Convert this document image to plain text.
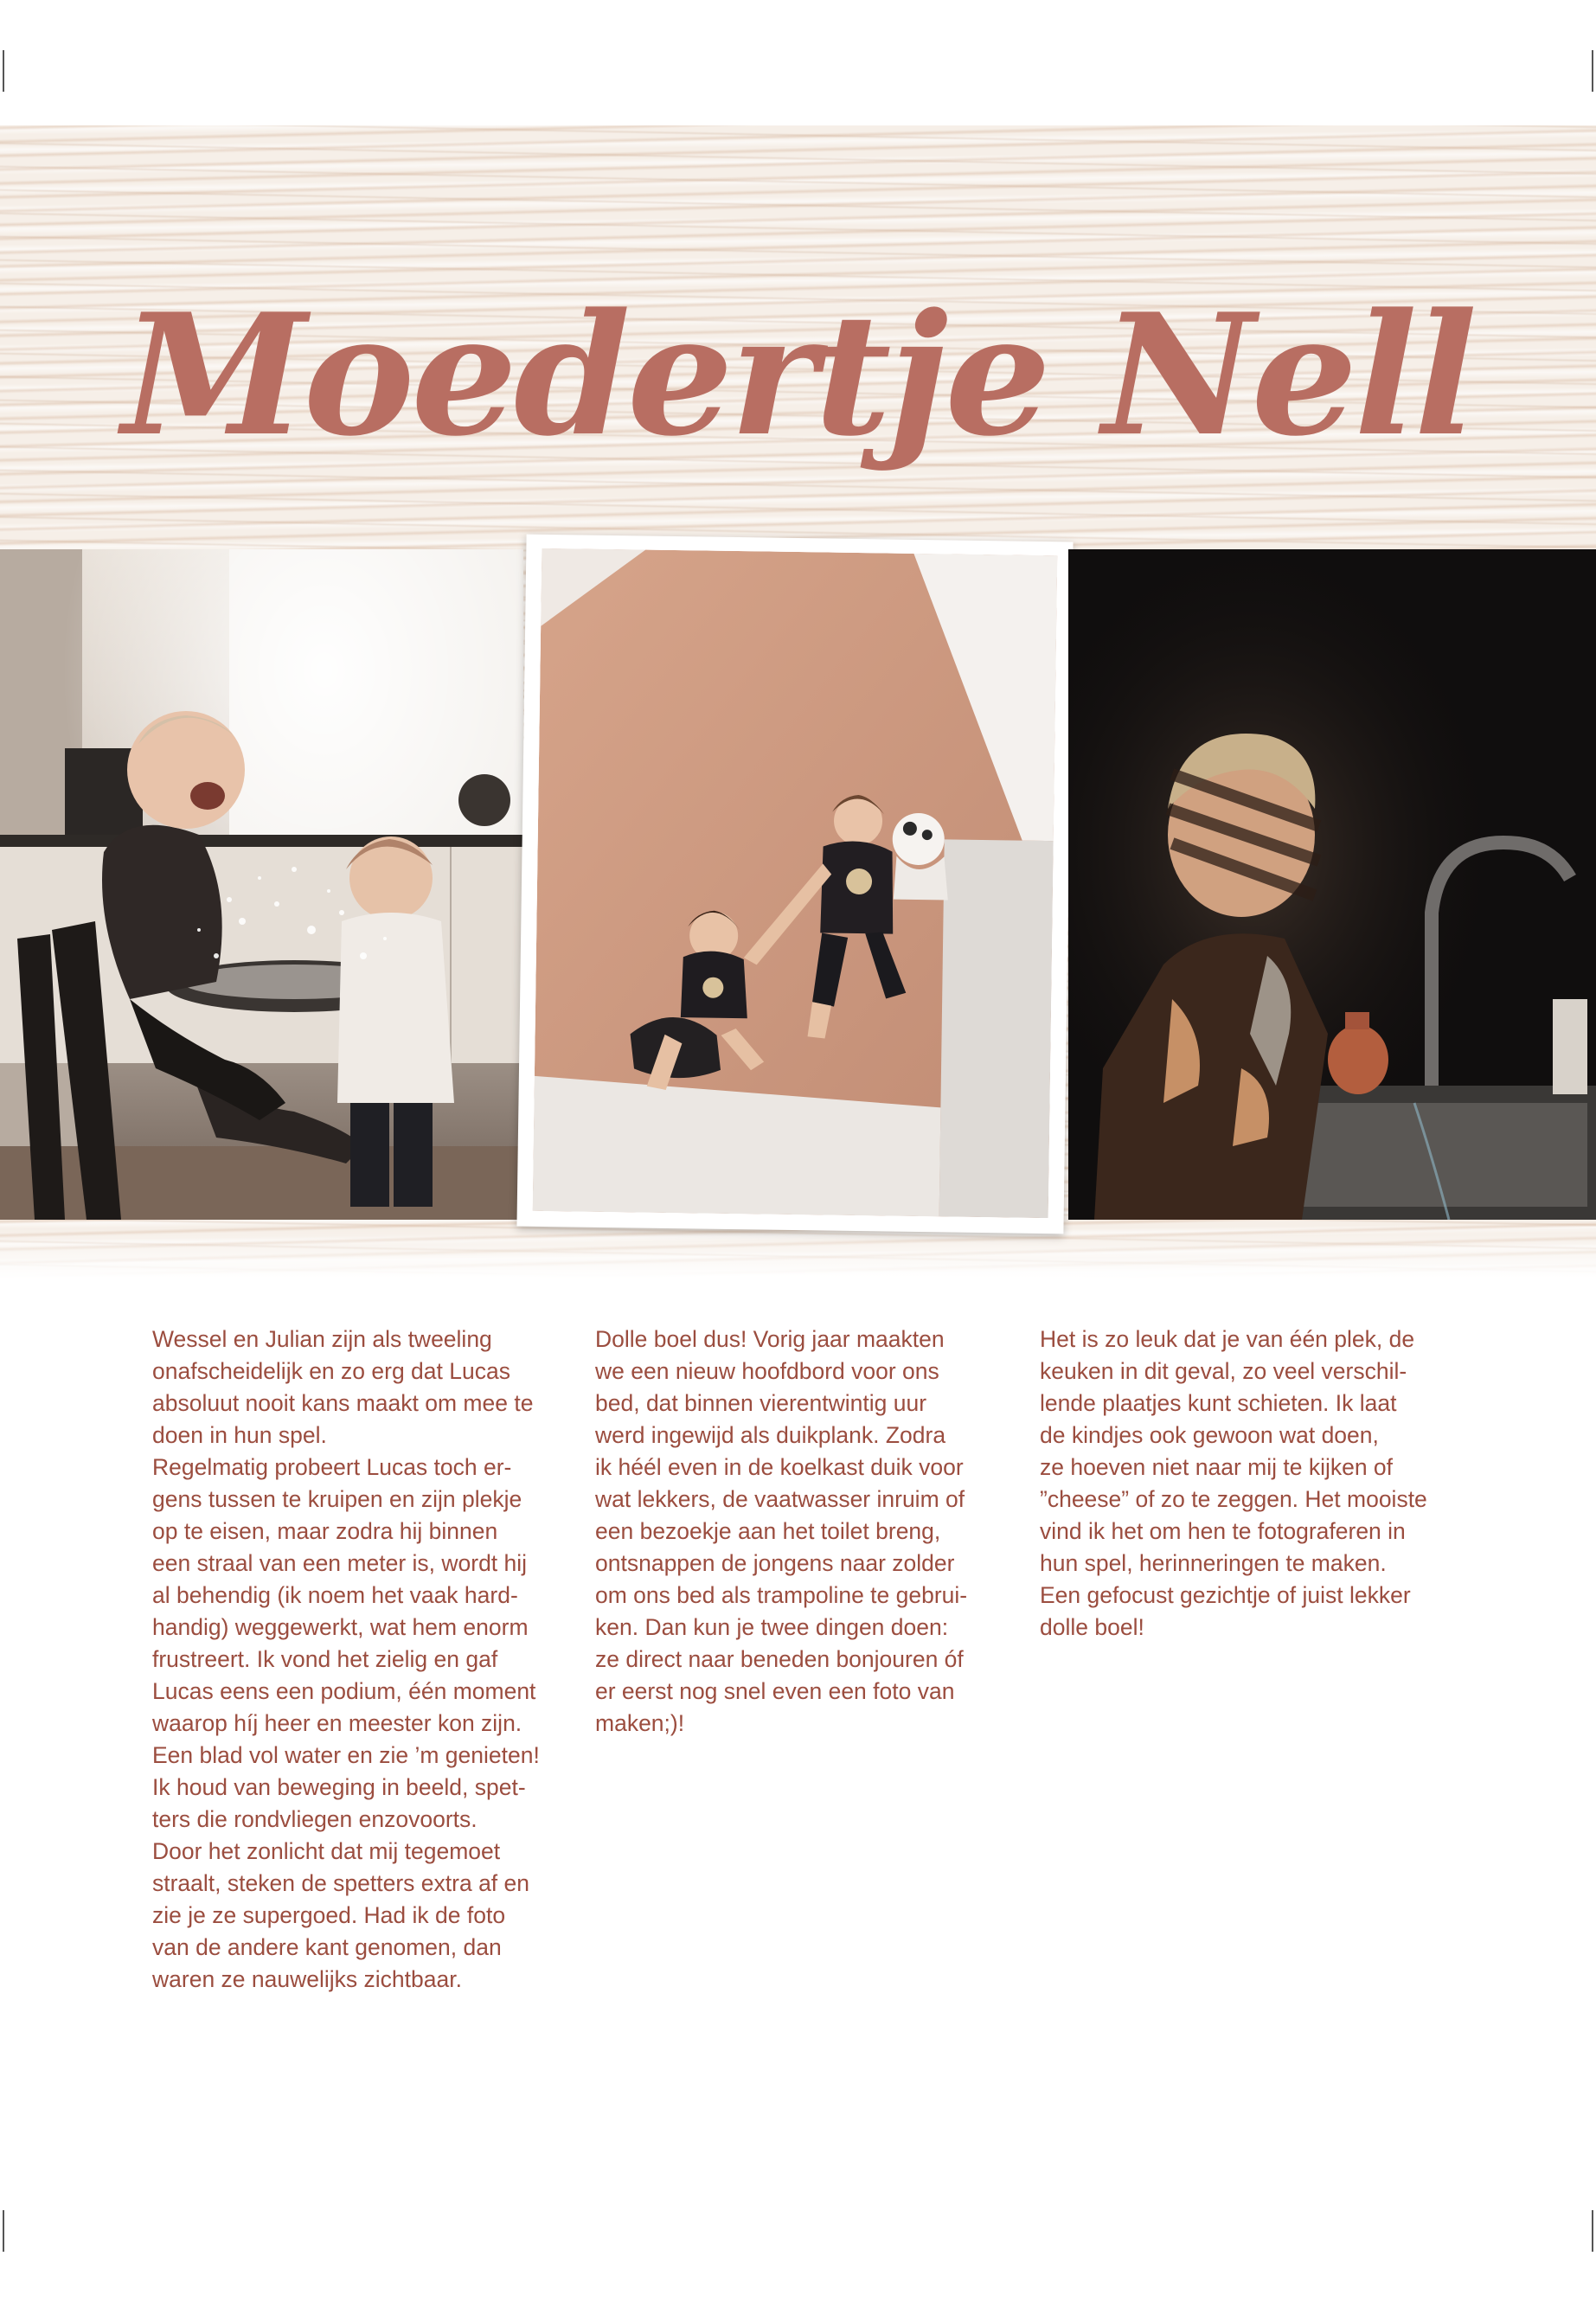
Moedertje Nell

Wessel en Julian zijn als tweeling
onafscheidelijk en zo erg dat Lucas
absoluut nooit kans maakt om mee te
doen in hun spel.

Regelmatig probeert Lucas toch er-
gens tussen te kruipen en zijn plekje
op te eisen, maar zodra hij binnen
een straal van een meter is, wordt hij
al behendig (ik noem het vaak hard-
handig) weggewerkt, wat hem enorm
frustreert. Ik vond het zielig en gaf
Lucas eens een podium, één moment
waarop híj heer en meester kon zijn.
Een blad vol water en zie ’m genieten!
Ik houd van beweging in beeld, spet-
ters die rondvliegen enzovoorts.
Door het zonlicht dat mij tegemoet
straalt, steken de spetters extra af en
zie je ze supergoed. Had ik de foto
van de andere kant genomen, dan
waren ze nauwelijks zichtbaar.

Dolle boel dus! Vorig jaar maakten
we een nieuw hoofdbord voor ons
bed, dat binnen vierentwintig uur
werd ingewijd als duikplank. Zodra
ik héél even in de koelkast duik voor
wat lekkers, de vaatwasser inruim of
een bezoekje aan het toilet breng,
ontsnappen de jongens naar zolder
om ons bed als trampoline te gebrui-
ken. Dan kun je twee dingen doen:
ze direct naar beneden bonjouren óf
er eerst nog snel even een foto van
maken;)!

Het is zo leuk dat je van één plek, de
keuken in dit geval, zo veel verschil-
lende plaatjes kunt schieten. Ik laat
de kindjes ook gewoon wat doen,
ze hoeven niet naar mij te kijken of
”cheese” of zo te zeggen. Het mooiste
vind ik het om hen te fotograferen in
hun spel, herinneringen te maken.
Een gefocust gezichtje of juist lekker
dolle boel!
